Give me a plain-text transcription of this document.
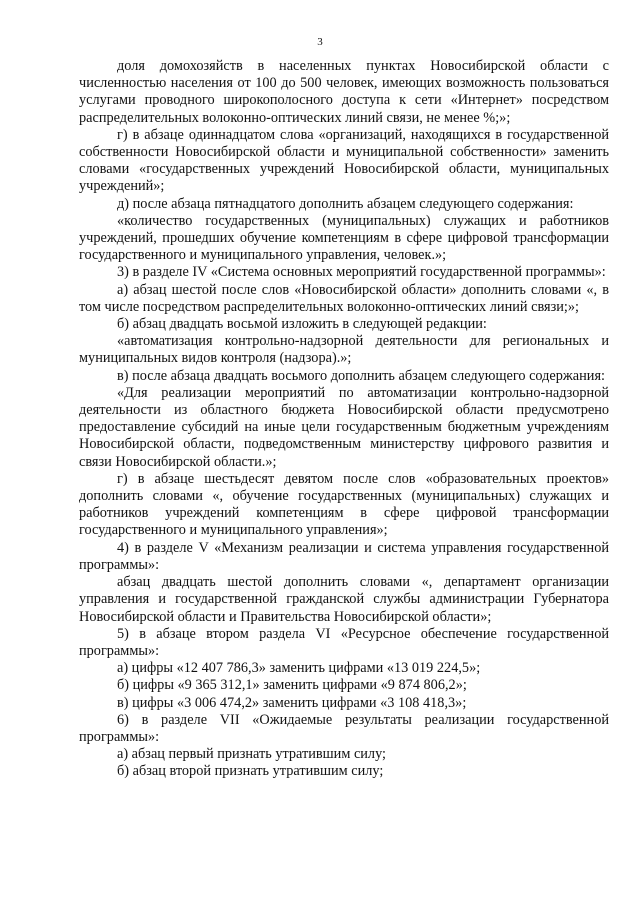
3

доля домохозяйств в населенных пунктах Новосибирской области с численностью населения от 100 до 500 человек, имеющих возможность пользоваться услугами проводного широкополосного доступа к сети «Интернет» посредством распределительных волоконно-оптических линий связи, не менее %;»;

г) в абзаце одиннадцатом слова «организаций, находящихся в государственной собственности Новосибирской области и муниципальной собственности» заменить словами «государственных учреждений Новосибирской области, муниципальных учреждений»;

д) после абзаца пятнадцатого дополнить абзацем следующего содержания:

«количество государственных (муниципальных) служащих и работников учреждений, прошедших обучение компетенциям в сфере цифровой трансформации государственного и муниципального управления, человек.»;

3) в разделе IV «Система основных мероприятий государственной программы»:

а) абзац шестой после слов «Новосибирской области» дополнить словами «, в том числе посредством распределительных волоконно-оптических линий связи;»;

б) абзац двадцать восьмой изложить в следующей редакции:

«автоматизация контрольно-надзорной деятельности для региональных и муниципальных видов контроля (надзора).»;

в) после абзаца двадцать восьмого дополнить абзацем следующего содержания:

«Для реализации мероприятий по автоматизации контрольно-надзорной деятельности из областного бюджета Новосибирской области предусмотрено предоставление субсидий на иные цели государственным бюджетным учреждениям Новосибирской области, подведомственным министерству цифрового развития и связи Новосибирской области.»;

г) в абзаце шестьдесят девятом после слов «образовательных проектов» дополнить словами «, обучение государственных (муниципальных) служащих и работников учреждений компетенциям в сфере цифровой трансформации государственного и муниципального управления»;

4) в разделе V «Механизм реализации и система управления государственной программы»:

абзац двадцать шестой дополнить словами «, департамент организации управления и государственной гражданской службы администрации Губернатора Новосибирской области и Правительства Новосибирской области»;

5) в абзаце втором раздела VI «Ресурсное обеспечение государственной программы»:

а) цифры «12 407 786,3» заменить цифрами «13 019 224,5»;

б) цифры «9 365 312,1» заменить цифрами «9 874 806,2»;

в) цифры «3 006 474,2» заменить цифрами «3 108 418,3»;

6) в разделе VII «Ожидаемые результаты реализации государственной программы»:

а) абзац первый признать утратившим силу;

б) абзац второй признать утратившим силу;
